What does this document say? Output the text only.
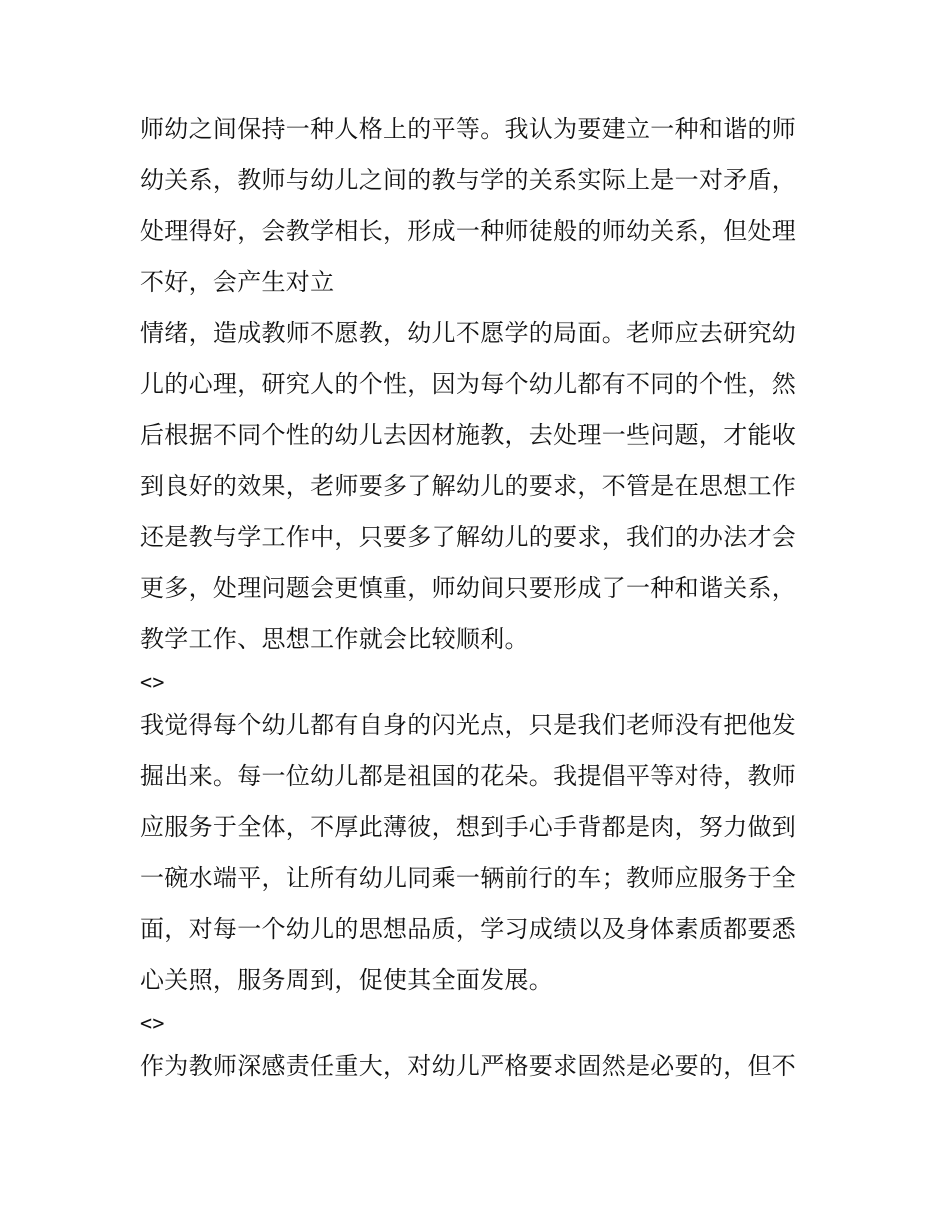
师幼之间保持一种人格上的平等。我认为要建立一种和谐的师
幼关系，教师与幼儿之间的教与学的关系实际上是一对矛盾，
处理得好，会教学相长，形成一种师徒般的师幼关系，但处理
不好，会产生对立
情绪，造成教师不愿教，幼儿不愿学的局面。老师应去研究幼
儿的心理，研究人的个性，因为每个幼儿都有不同的个性，然
后根据不同个性的幼儿去因材施教，去处理一些问题，才能收
到良好的效果，老师要多了解幼儿的要求，不管是在思想工作
还是教与学工作中，只要多了解幼儿的要求，我们的办法才会
更多，处理问题会更慎重，师幼间只要形成了一种和谐关系，
教学工作、思想工作就会比较顺利。
<>
我觉得每个幼儿都有自身的闪光点，只是我们老师没有把他发
掘出来。每一位幼儿都是祖国的花朵。我提倡平等对待，教师
应服务于全体，不厚此薄彼，想到手心手背都是肉，努力做到
一碗水端平，让所有幼儿同乘一辆前行的车；教师应服务于全
面，对每一个幼儿的思想品质，学习成绩以及身体素质都要悉
心关照，服务周到，促使其全面发展。
<>
作为教师深感责任重大，对幼儿严格要求固然是必要的，但不
